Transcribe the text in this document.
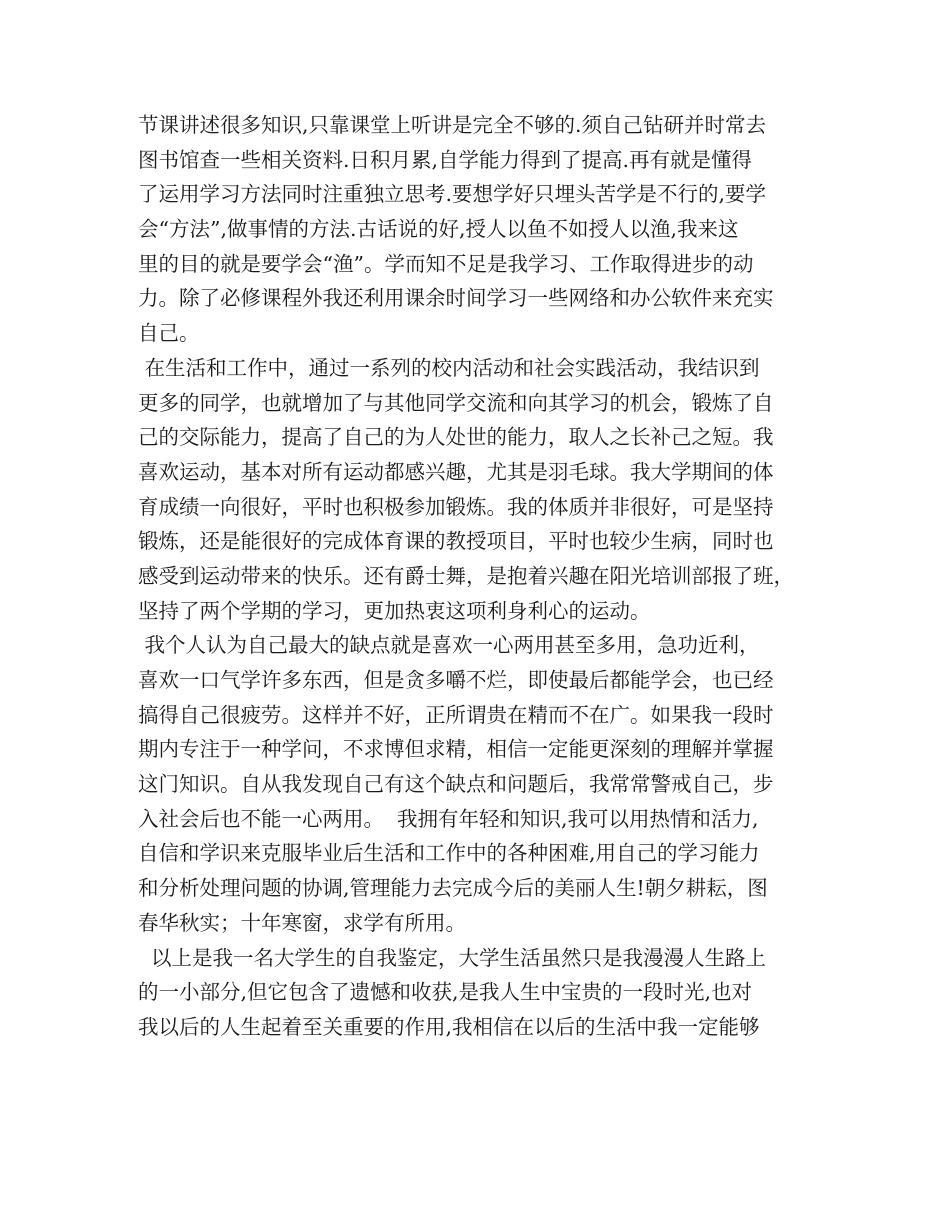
节课讲述很多知识,只靠课堂上听讲是完全不够的.须自己钻研并时常去
图书馆查一些相关资料.日积月累,自学能力得到了提高.再有就是懂得
了运用学习方法同时注重独立思考.要想学好只埋头苦学是不行的,要学
会“方法”,做事情的方法.古话说的好,授人以鱼不如授人以渔,我来这
里的目的就是要学会“渔”。学而知不足是我学习、工作取得进步的动
力。除了必修课程外我还利用课余时间学习一些网络和办公软件来充实
自己。
在生活和工作中，通过一系列的校内活动和社会实践活动，我结识到
更多的同学，也就增加了与其他同学交流和向其学习的机会，锻炼了自
己的交际能力，提高了自己的为人处世的能力，取人之长补己之短。我
喜欢运动，基本对所有运动都感兴趣，尤其是羽毛球。我大学期间的体
育成绩一向很好，平时也积极参加锻炼。我的体质并非很好，可是坚持
锻炼，还是能很好的完成体育课的教授项目，平时也较少生病，同时也
感受到运动带来的快乐。还有爵士舞，是抱着兴趣在阳光培训部报了班，
坚持了两个学期的学习，更加热衷这项利身利心的运动。
我个人认为自己最大的缺点就是喜欢一心两用甚至多用，急功近利，
喜欢一口气学许多东西，但是贪多嚼不烂，即使最后都能学会，也已经
搞得自己很疲劳。这样并不好，正所谓贵在精而不在广。如果我一段时
期内专注于一种学问，不求博但求精，相信一定能更深刻的理解并掌握
这门知识。自从我发现自己有这个缺点和问题后，我常常警戒自己，步
入社会后也不能一心两用。  我拥有年轻和知识,我可以用热情和活力,
自信和学识来克服毕业后生活和工作中的各种困难,用自己的学习能力
和分析处理问题的协调,管理能力去完成今后的美丽人生!朝夕耕耘，图
春华秋实；十年寒窗，求学有所用。
以上是我一名大学生的自我鉴定，大学生活虽然只是我漫漫人生路上
的一小部分,但它包含了遗憾和收获,是我人生中宝贵的一段时光,也对
我以后的人生起着至关重要的作用,我相信在以后的生活中我一定能够
